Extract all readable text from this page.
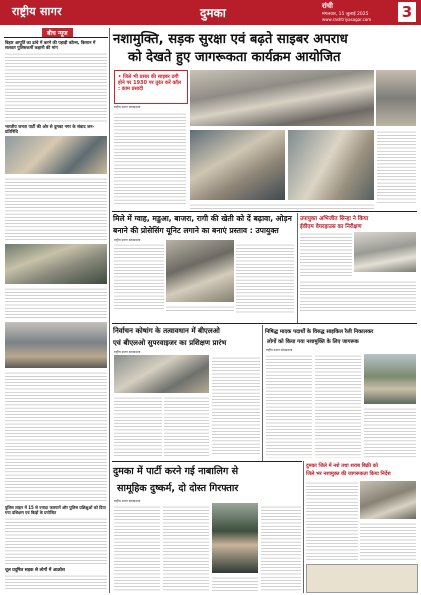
राष्ट्रीय सागर	दुमका	रांची
मंगलवार, 15 जुलाई 2025
www.rashtriyasagar.com 3
बीच न्यूज
बिहार आपूर्ति का ढांचे में करने की पहाड़ी कॉल्स, किसान में सलवार पुलिसकर्मी कहानी की मांग
भारतीय जनता पार्टी की ओर से दुमका नगर के संवाद जन-प्रतिनिधि
पुलिस लाइन में 15 से ज्यादा जलयानें और पुलिस प्रशिक्षुओं को दिया गया प्रशिक्षण एवं किड़ों के प्रयोजित
धूल प्रदूषित सड़क से लोगों में आक्रोश
नशामुक्ति, सड़क सुरक्षा एवं बढ़ते साइबर अपराध
को देखते हुए जागरूकता कार्यक्रम आयोजित
• जिले भी प्रसार की साइबर ठगी होने पर 1930 पर तुरंत करें कॉल : काम प्रसादी
राष्ट्रीय सागर संवाददाता
मिले में ग्वाह, मडुआ, बाजरा, रागी की खेती को दें बढ़ावा, ओड़न
बनाने की प्रोसेसिंग यूनिट लगाने का बनाएं प्रस्ताव : उपायुक्त
राष्ट्रीय सागर संवाददाता
उपायुक्त अभिजीत सिन्हा ने किया
ईवीएम वेयरहाउस का निरीक्षण
निर्वाचन कोषांग के तत्वावधान में बीएलओ
एवं बीएलओ सुपरवाइजर का प्रशिक्षण प्रारंभ
राष्ट्रीय सागर संवाददाता
निषिद्ध मादक पदार्थों के विरुद्ध साइकिल रैली निकालकर
लोगों को किया गया नशामुक्ति के लिए जागरूक
राष्ट्रीय सागर संवाददाता
दुमका में पार्टी करने गई नाबालिग से
सामूहिक दुष्कर्म, दो दोस्त गिरफ्तार
राष्ट्रीय सागर संवाददाता
दुमका जिले में नशे तथा शराब बिक्री को
जिले भर नशामुक्त की जागरूकता किया निर्देश
